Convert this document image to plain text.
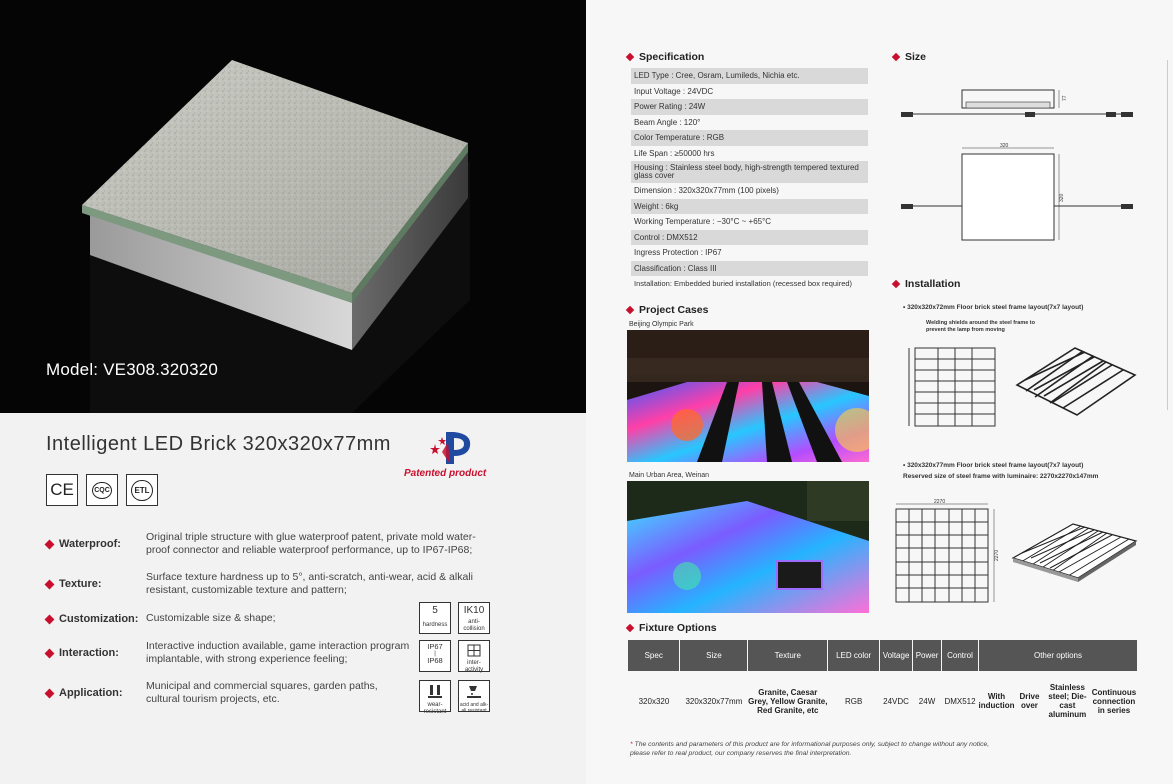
Model: VE308.320320
Intelligent LED Brick 320x320x77mm
Patented product
CE	CQC	ETL
Waterproof:
Original triple structure with glue waterproof patent, private mold water-proof connector and reliable waterproof performance, up to IP67-IP68;
Texture:
Surface texture hardness up to 5°, anti-scratch, anti-wear, acid & alkali resistant, customizable texture and pattern;
Customization: Customizable size & shape;
Interaction:
Interactive induction available, game interaction program implantable, with strong experience feeling;
Application:
Municipal and commercial squares, garden paths, cultural tourism projects, etc.
5
hardness
IK10
anti-collision
IP67
|
IP68	inter-activity
wear-resistant
acid and alk-ali resistant
Specification
LED Type : Cree, Osram, Lumileds, Nichia etc.
Input Voltage : 24VDC
Power Rating : 24W
Beam Angle : 120°
Color Temperature : RGB
Life Span : ≥50000 hrs
Housing : Stainless steel body, high-strength tempered textured glass cover
Dimension : 320x320x77mm (100 pixels)
Weight : 6kg
Working Temperature : −30°C ~ +65°C
Control : DMX512
Ingress Protection : IP67
Classification : Class III
Installation: Embedded buried installation (recessed box required)
Size
77
320
320
Project Cases
Beijing Olympic Park
Main Urban Area, Weinan
Installation
• 320x320x72mm Floor brick steel frame layout(7x7 layout)
Welding shields around the steel frame to prevent the lamp from moving
• 320x320x77mm Floor brick steel frame layout(7x7 layout)
Reserved size of steel frame with luminaire: 2270x2270x147mm
2270
2270
Fixture Options
Spec	Size	Texture	LED color	Voltage	Power	Control	Other options			
320x320	320x320x77mm	Granite, Caesar Grey, Yellow Granite, Red Granite, etc	RGB	24VDC	24W	DMX512	With induction	Drive over	Stainless steel; Die-cast aluminum	Continuous connection in series
* The contents and parameters of this product are for informational purposes only, subject to change without any notice, please refer to real product, our company reserves the final interpretation.
